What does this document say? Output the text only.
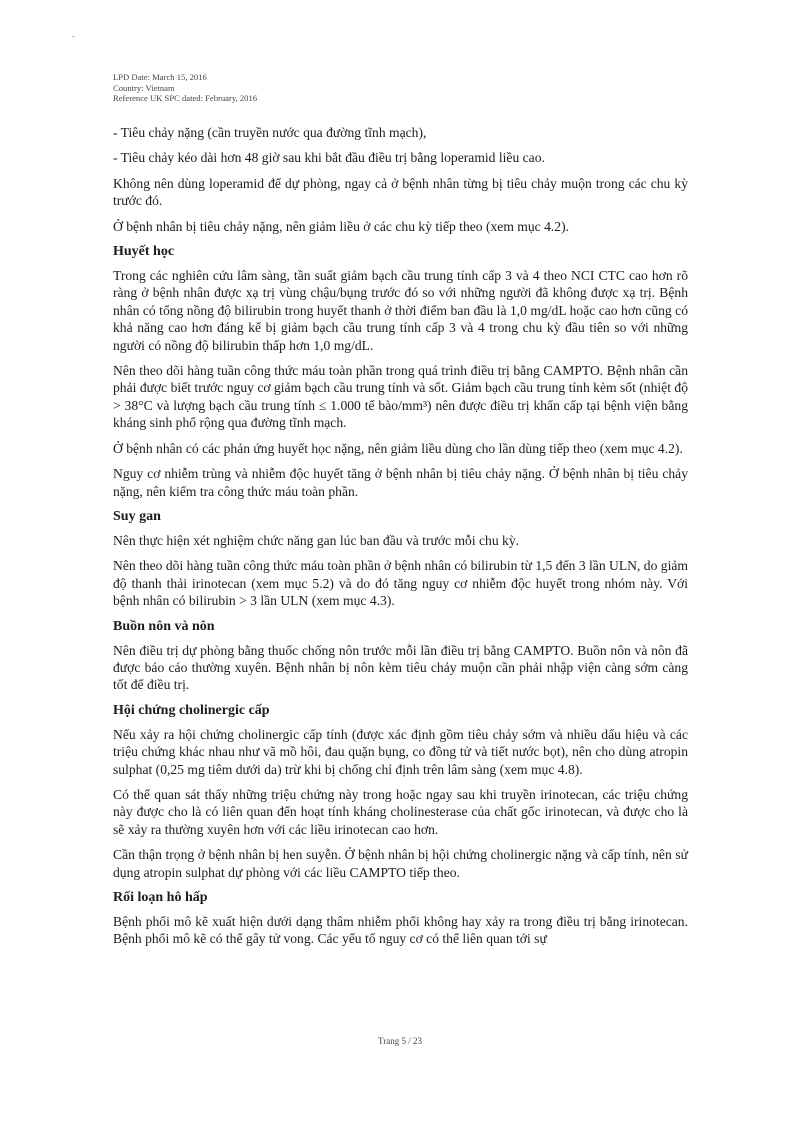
LPD Date: March 15, 2016
Country: Vietnam
Reference UK SPC dated: February, 2016

- Tiêu chảy nặng (cần truyền nước qua đường tĩnh mạch),

- Tiêu chảy kéo dài hơn 48 giờ sau khi bắt đầu điều trị bằng loperamid liều cao.

Không nên dùng loperamid để dự phòng, ngay cả ở bệnh nhân từng bị tiêu chảy muộn trong các chu kỳ trước đó.

Ở bệnh nhân bị tiêu chảy nặng, nên giảm liều ở các chu kỳ tiếp theo (xem mục 4.2).

Huyết học

Trong các nghiên cứu lâm sàng, tần suất giảm bạch cầu trung tính cấp 3 và 4 theo NCI CTC cao hơn rõ ràng ở bệnh nhân được xạ trị vùng chậu/bụng trước đó so với những người đã không được xạ trị. Bệnh nhân có tổng nồng độ bilirubin trong huyết thanh ở thời điểm ban đầu là 1,0 mg/dL hoặc cao hơn cũng có khả năng cao hơn đáng kể bị giảm bạch cầu trung tính cấp 3 và 4 trong chu kỳ đầu tiên so với những người có nồng độ bilirubin thấp hơn 1,0 mg/dL.

Nên theo dõi hàng tuần công thức máu toàn phần trong quá trình điều trị bằng CAMPTO. Bệnh nhân cần phải được biết trước nguy cơ giảm bạch cầu trung tính và sốt. Giảm bạch cầu trung tính kèm sốt (nhiệt độ > 38°C và lượng bạch cầu trung tính ≤ 1.000 tế bào/mm³) nên được điều trị khẩn cấp tại bệnh viện bằng kháng sinh phổ rộng qua đường tĩnh mạch.

Ở bệnh nhân có các phản ứng huyết học nặng, nên giảm liều dùng cho lần dùng tiếp theo (xem mục 4.2).

Nguy cơ nhiễm trùng và nhiễm độc huyết tăng ở bệnh nhân bị tiêu chảy nặng. Ở bệnh nhân bị tiêu chảy nặng, nên kiểm tra công thức máu toàn phần.

Suy gan

Nên thực hiện xét nghiệm chức năng gan lúc ban đầu và trước mỗi chu kỳ.

Nên theo dõi hàng tuần công thức máu toàn phần ở bệnh nhân có bilirubin từ 1,5 đến 3 lần ULN, do giảm độ thanh thải irinotecan (xem mục 5.2) và do đó tăng nguy cơ nhiễm độc huyết trong nhóm này. Với bệnh nhân có bilirubin > 3 lần ULN (xem mục 4.3).

Buồn nôn và nôn

Nên điều trị dự phòng bằng thuốc chống nôn trước mỗi lần điều trị bằng CAMPTO. Buồn nôn và nôn đã được báo cáo thường xuyên. Bệnh nhân bị nôn kèm tiêu chảy muộn cần phải nhập viện càng sớm càng tốt để điều trị.

Hội chứng cholinergic cấp

Nếu xảy ra hội chứng cholinergic cấp tính (được xác định gồm tiêu chảy sớm và nhiều dấu hiệu và các triệu chứng khác nhau như vã mồ hôi, đau quặn bụng, co đồng tử và tiết nước bọt), nên cho dùng atropin sulphat (0,25 mg tiêm dưới da) trừ khi bị chống chỉ định trên lâm sàng (xem mục 4.8).

Có thể quan sát thấy những triệu chứng này trong hoặc ngay sau khi truyền irinotecan, các triệu chứng này được cho là có liên quan đến hoạt tính kháng cholinesterase của chất gốc irinotecan, và được cho là sẽ xảy ra thường xuyên hơn với các liều irinotecan cao hơn.

Cần thận trọng ở bệnh nhân bị hen suyễn. Ở bệnh nhân bị hội chứng cholinergic nặng và cấp tính, nên sử dụng atropin sulphat dự phòng với các liều CAMPTO tiếp theo.

Rối loạn hô hấp

Bệnh phổi mô kẽ xuất hiện dưới dạng thâm nhiễm phổi không hay xảy ra trong điều trị bằng irinotecan. Bệnh phổi mô kẽ có thể gây tử vong. Các yếu tố nguy cơ có thể liên quan tới sự

Trang 5 / 23
